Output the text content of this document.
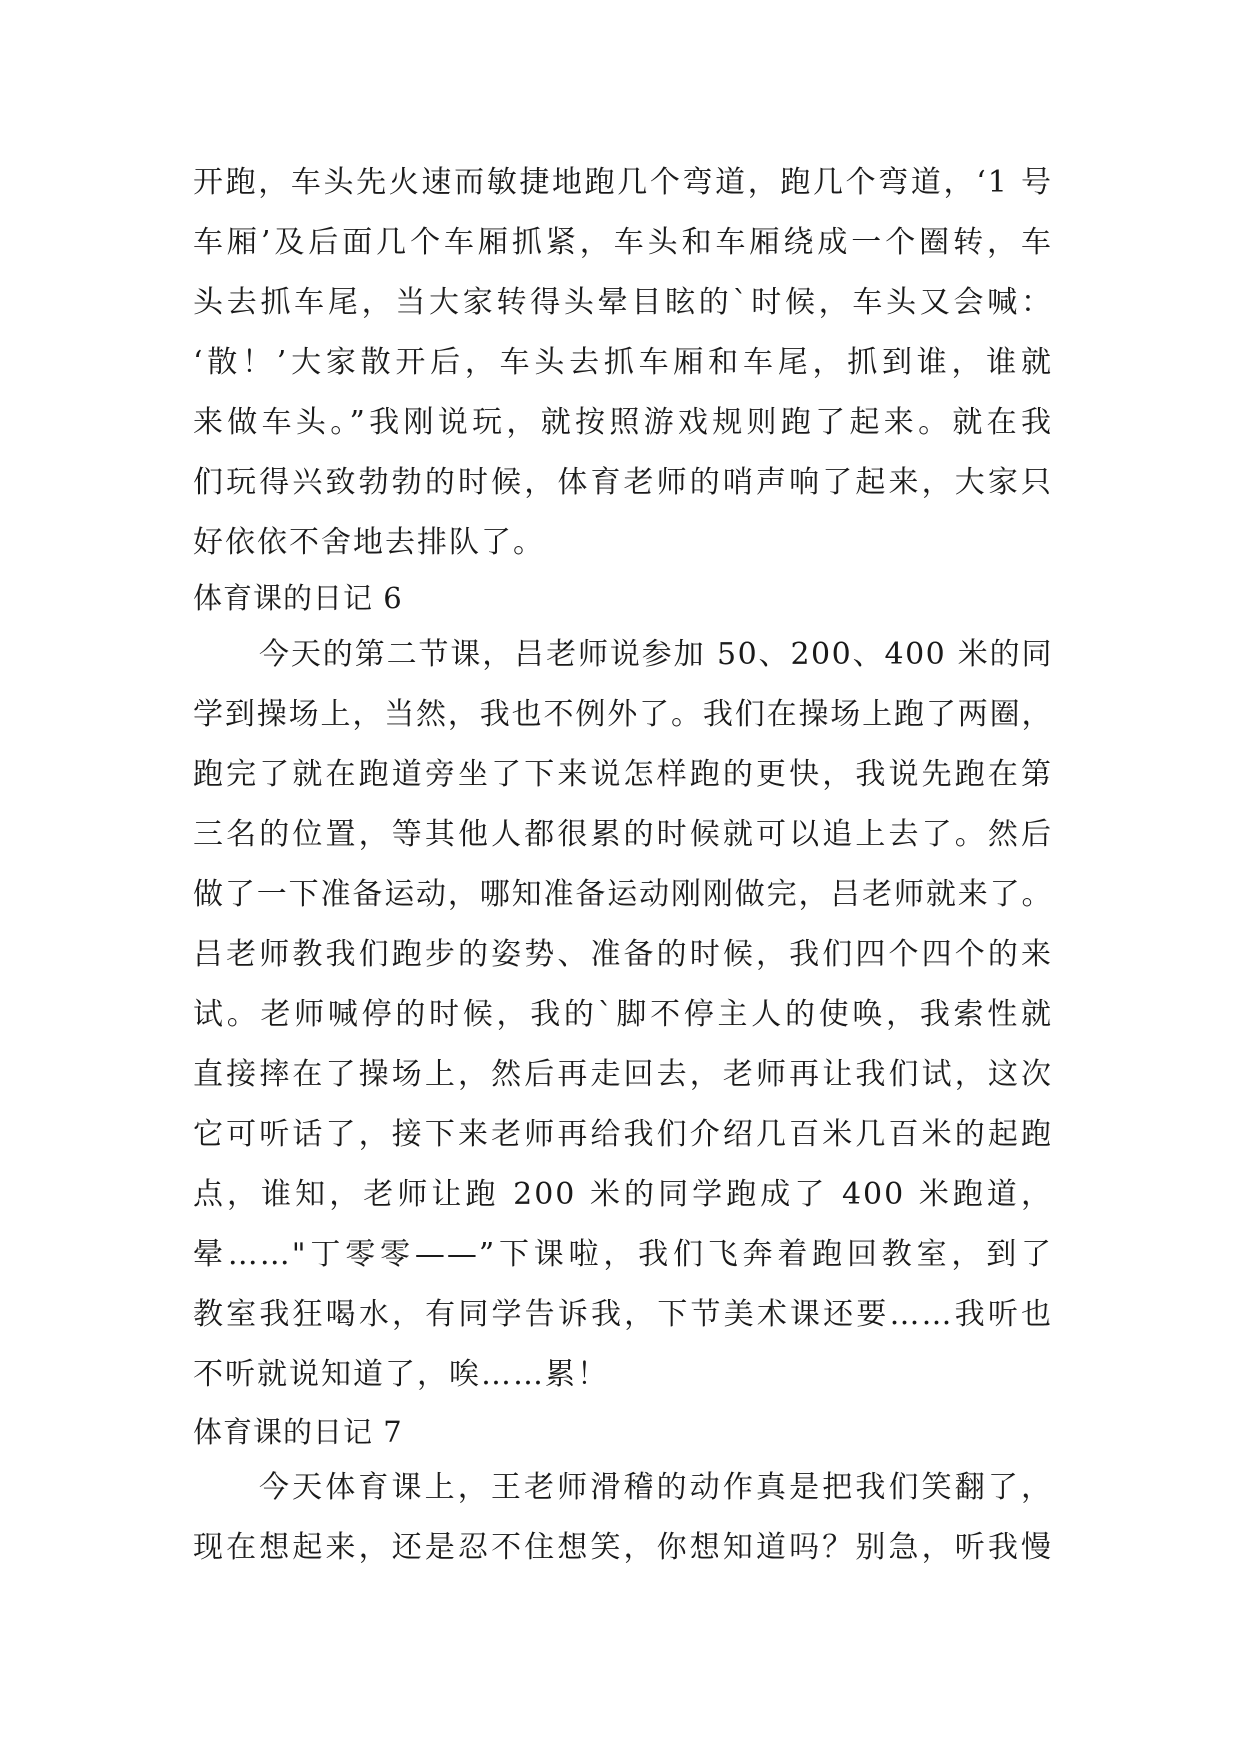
开跑，车头先火速而敏捷地跑几个弯道，跑几个弯道，‘1 号
车厢’及后面几个车厢抓紧，车头和车厢绕成一个圈转，车
头去抓车尾，当大家转得头晕目眩的`时候，车头又会喊：
‘散！’大家散开后，车头去抓车厢和车尾，抓到谁，谁就
来做车头。”我刚说玩，就按照游戏规则跑了起来。就在我
们玩得兴致勃勃的时候，体育老师的哨声响了起来，大家只
好依依不舍地去排队了。
体育课的日记 6
今天的第二节课，吕老师说参加 50、200、400 米的同
学到操场上，当然，我也不例外了。我们在操场上跑了两圈，
跑完了就在跑道旁坐了下来说怎样跑的更快，我说先跑在第
三名的位置，等其他人都很累的时候就可以追上去了。然后
做了一下准备运动，哪知准备运动刚刚做完，吕老师就来了。
吕老师教我们跑步的姿势、准备的时候，我们四个四个的来
试。老师喊停的时候，我的`脚不停主人的使唤，我索性就
直接摔在了操场上，然后再走回去，老师再让我们试，这次
它可听话了，接下来老师再给我们介绍几百米几百米的起跑
点，谁知，老师让跑 200 米的同学跑成了 400 米跑道，
晕……"丁零零——”下课啦，我们飞奔着跑回教室，到了
教室我狂喝水，有同学告诉我，下节美术课还要……我听也
不听就说知道了，唉……累！
体育课的日记 7
今天体育课上，王老师滑稽的动作真是把我们笑翻了，
现在想起来，还是忍不住想笑，你想知道吗？别急，听我慢
